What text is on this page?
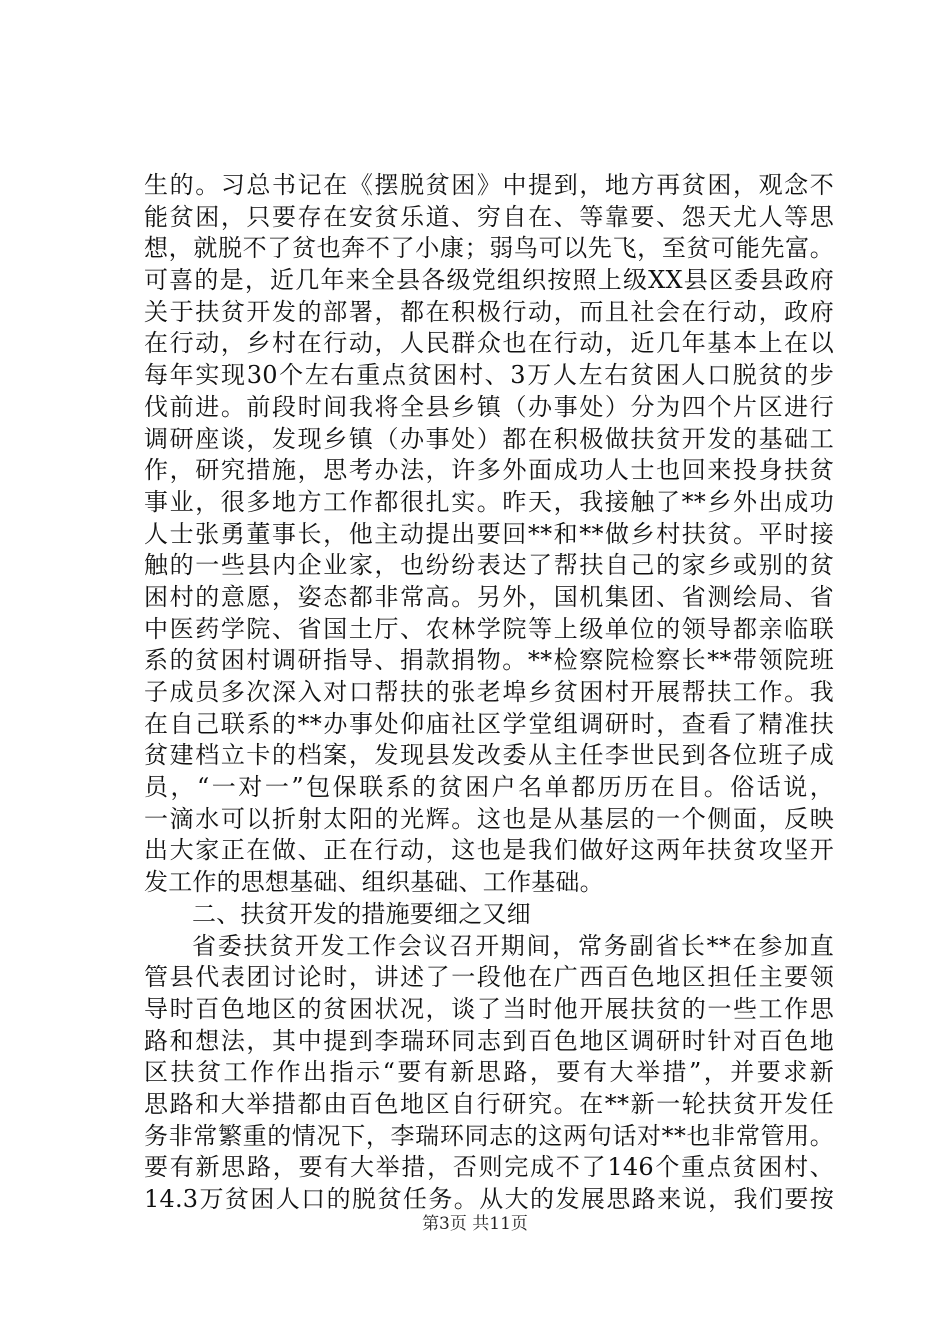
生的。习总书记在《摆脱贫困》中提到，地方再贫困，观念不
能贫困，只要存在安贫乐道、穷自在、等靠要、怨天尤人等思
想，就脱不了贫也奔不了小康；弱鸟可以先飞，至贫可能先富。
可喜的是，近几年来全县各级党组织按照上级XX县区委县政府
关于扶贫开发的部署，都在积极行动，而且社会在行动，政府
在行动，乡村在行动，人民群众也在行动，近几年基本上在以
每年实现30个左右重点贫困村、3万人左右贫困人口脱贫的步
伐前进。前段时间我将全县乡镇（办事处）分为四个片区进行
调研座谈，发现乡镇（办事处）都在积极做扶贫开发的基础工
作，研究措施，思考办法，许多外面成功人士也回来投身扶贫
事业，很多地方工作都很扎实。昨天，我接触了**乡外出成功
人士张勇董事长，他主动提出要回**和**做乡村扶贫。平时接
触的一些县内企业家，也纷纷表达了帮扶自己的家乡或别的贫
困村的意愿，姿态都非常高。另外，国机集团、省测绘局、省
中医药学院、省国土厅、农林学院等上级单位的领导都亲临联
系的贫困村调研指导、捐款捐物。**检察院检察长**带领院班
子成员多次深入对口帮扶的张老埠乡贫困村开展帮扶工作。我
在自己联系的**办事处仰庙社区学堂组调研时，查看了精准扶
贫建档立卡的档案，发现县发改委从主任李世民到各位班子成
员，“一对一”包保联系的贫困户名单都历历在目。俗话说，
一滴水可以折射太阳的光辉。这也是从基层的一个侧面，反映
出大家正在做、正在行动，这也是我们做好这两年扶贫攻坚开
发工作的思想基础、组织基础、工作基础。
二、扶贫开发的措施要细之又细
省委扶贫开发工作会议召开期间，常务副省长**在参加直
管县代表团讨论时，讲述了一段他在广西百色地区担任主要领
导时百色地区的贫困状况，谈了当时他开展扶贫的一些工作思
路和想法，其中提到李瑞环同志到百色地区调研时针对百色地
区扶贫工作作出指示“要有新思路，要有大举措”，并要求新
思路和大举措都由百色地区自行研究。在**新一轮扶贫开发任
务非常繁重的情况下，李瑞环同志的这两句话对**也非常管用。
要有新思路，要有大举措，否则完成不了146个重点贫困村、
14.3万贫困人口的脱贫任务。从大的发展思路来说，我们要按
第3页 共11页
